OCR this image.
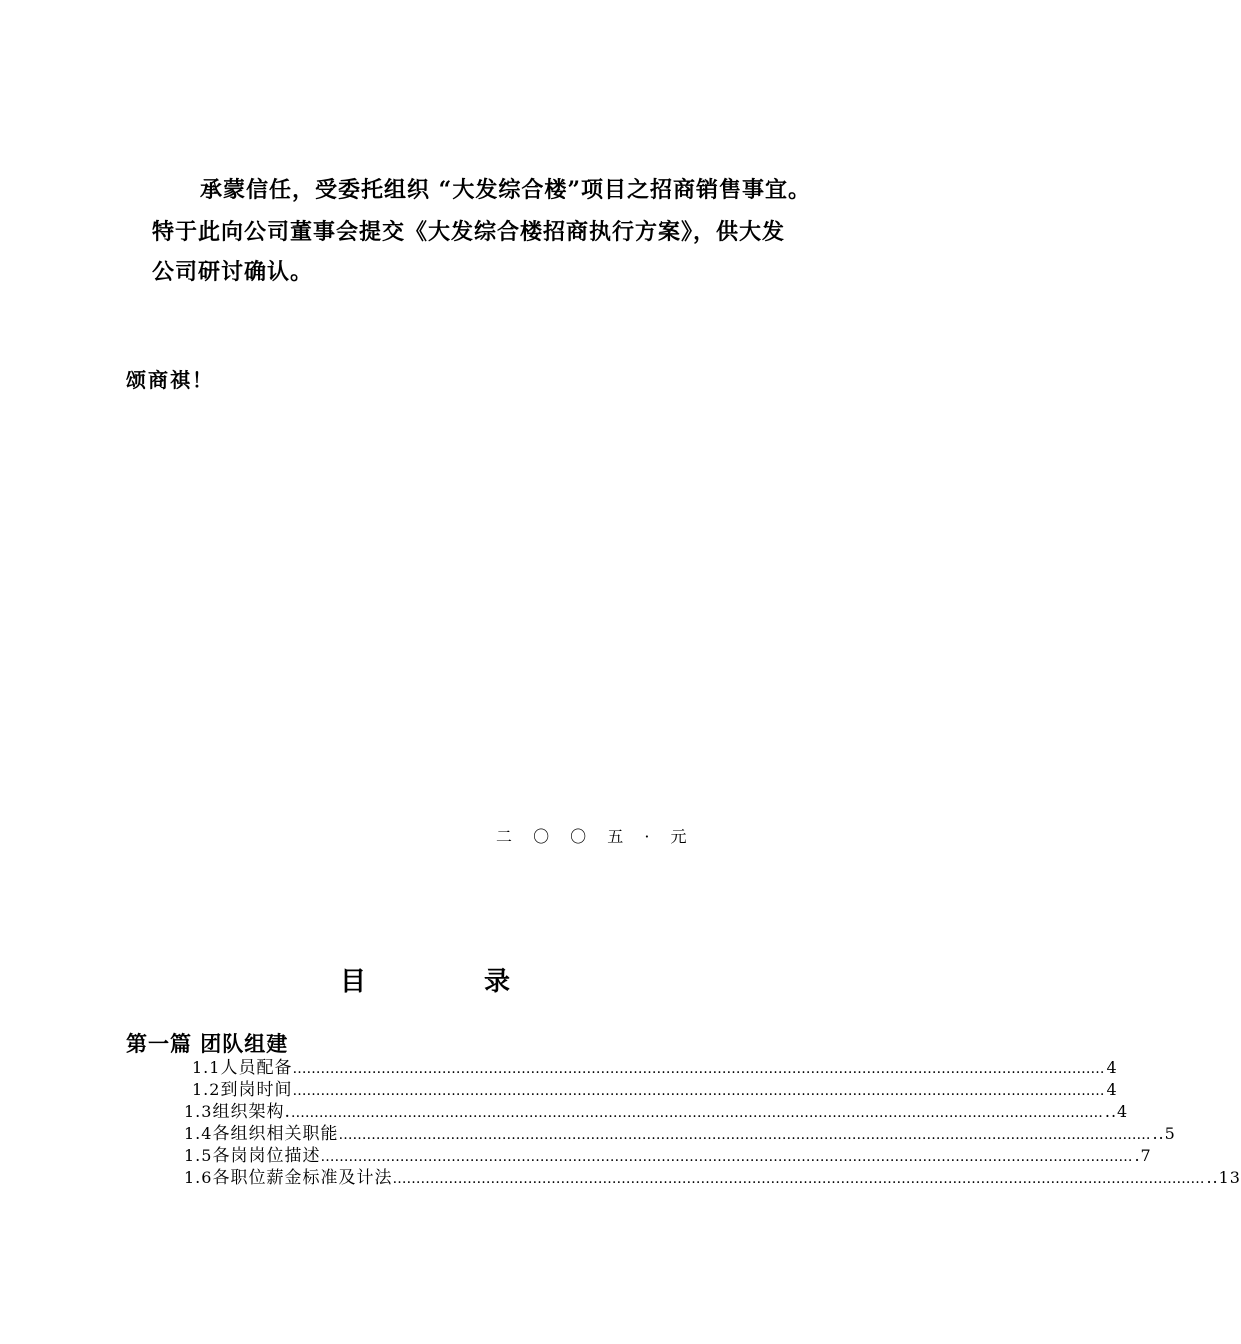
承蒙信任，受委托组织 “大发综合楼”项目之招商销售事宜。
特于此向公司董事会提交《大发综合楼招商执行方案》，供大发
公司研讨确认。
颂商祺！
二 〇 〇 五 · 元
目	录
第一篇 团队组建
1.1 人员配备 ………………………………………………………………………………………………………………………………………………………… 4
1.2 到岗时间 ………………………………………………………………………………………………………………………………………………………… 4
1.3 组织架构. ………………………………………………………………………………………………………………………………………………………… ..4
1.4 各组织相关职能 ………………………………………………………………………………………………………………………………………………………… ..5
1.5 各岗岗位描述 ………………………………………………………………………………………………………………………………………………………… .7
1.6 各职位薪金标准及计法 ………………………………………………………………………………………………………………………………………………………… ..13
